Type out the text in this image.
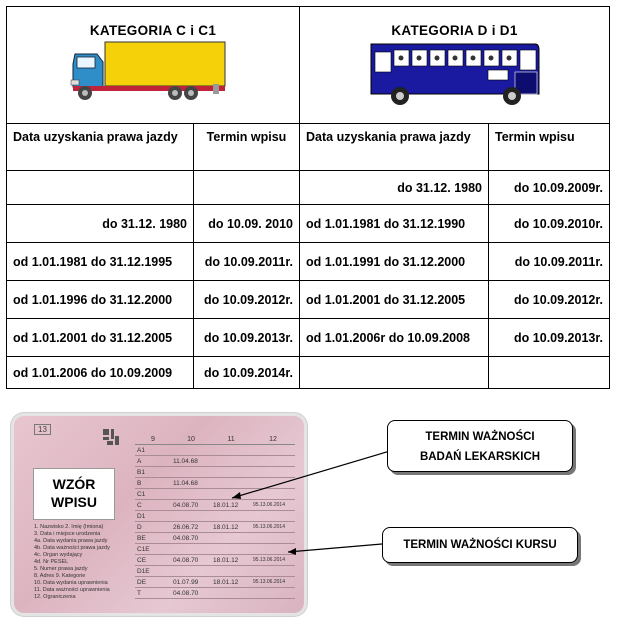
KATEGORIA C i C1		KATEGORIA D i D1	

Data uzyskania prawa jazdy	Termin wpisu	Data uzyskania prawa jazdy	Termin wpisu
		do 31.12. 1980	do 10.09.2009r.
do 31.12. 1980	do 10.09. 2010	od 1.01.1981 do 31.12.1990	do 10.09.2010r.
od 1.01.1981 do 31.12.1995	do 10.09.2011r.	od 1.01.1991 do 31.12.2000	do 10.09.2011r.
od 1.01.1996 do 31.12.2000	do 10.09.2012r.	od 1.01.2001 do 31.12.2005	do 10.09.2012r.
od 1.01.2001 do 31.12.2005	do 10.09.2013r.	od 1.01.2006r do 10.09.2008	do 10.09.2013r.
od 1.01.2006 do 10.09.2009	do 10.09.2014r.		
13
WZÓR
WPISU
1. Nazwisko 2. Imię (Imiona)
3. Data i miejsce urodzenia
4a. Data wydania prawa jazdy
4b. Data ważności prawa jazdy
4c. Organ wydający
4d. Nr PESEL
5. Numer prawa jazdy
8. Adres 9. Kategorie
10. Data wydania uprawnienia
11. Data ważności uprawnienia
12. Ograniczenia
9	10	11	12
A1			
A	11.04.68		
B1			
B	11.04.68		
C1			
C	04.08.70	18.01.12	95.13.06.2014
D1			
D	26.06.72	18.01.12	95.13.06.2014
BE	04.08.70		
C1E			
CE	04.08.70	18.01.12	95.13.06.2014
D1E			
DE	01.07.99	18.01.12	95.13.06.2014
T	04.08.70		
TERMIN WAŻNOŚCI
BADAŃ LEKARSKICH
TERMIN WAŻNOŚCI KURSU
